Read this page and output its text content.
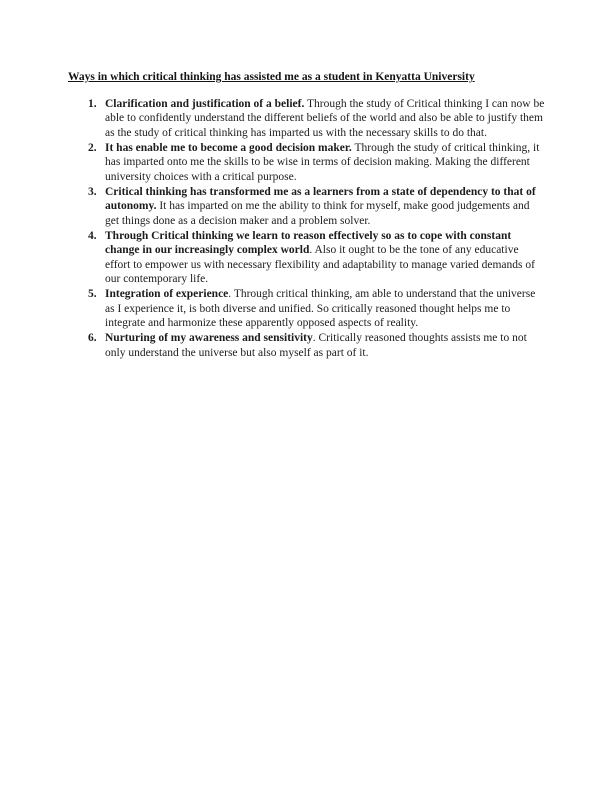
Ways in which critical thinking has assisted me as a student in Kenyatta University
1. Clarification and justification of a belief. Through the study of Critical thinking I can now be able to confidently understand the different beliefs of the world and also be able to justify them as the study of critical thinking has imparted us with the necessary skills to do that.
2. It has enable me to become a good decision maker. Through the study of critical thinking, it has imparted onto me the skills to be wise in terms of decision making. Making the different university choices with a critical purpose.
3. Critical thinking has transformed me as a learners from a state of dependency to that of autonomy. It has imparted on me the ability to think for myself, make good judgements and get things done as a decision maker and a problem solver.
4. Through Critical thinking we learn to reason effectively so as to cope with constant change in our increasingly complex world. Also it ought to be the tone of any educative effort to empower us with necessary flexibility and adaptability to manage varied demands of our contemporary life.
5. Integration of experience. Through critical thinking, am able to understand that the universe as I experience it, is both diverse and unified. So critically reasoned thought helps me to integrate and harmonize these apparently opposed aspects of reality.
6. Nurturing of my awareness and sensitivity. Critically reasoned thoughts assists me to not only understand the universe but also myself as part of it.
